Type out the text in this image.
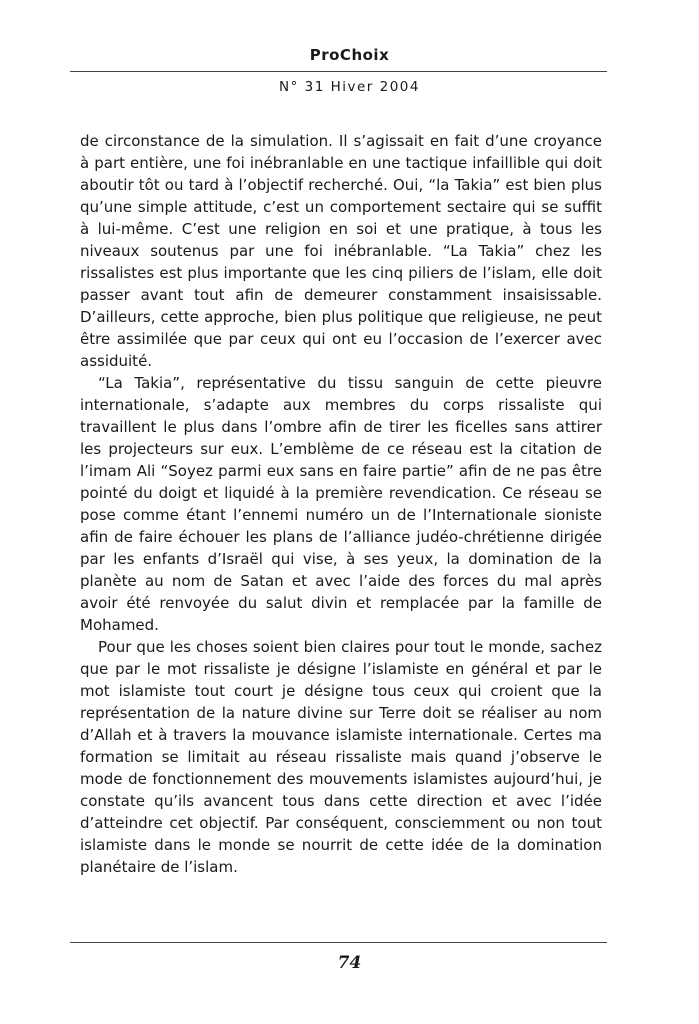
ProChoix
N° 31 Hiver 2004

de circonstance de la simulation. Il s’agissait en fait d’une croyance à part entière, une foi inébranlable en une tactique infaillible qui doit aboutir tôt ou tard à l’objectif recherché. Oui, “la Takia” est bien plus qu’une simple attitude, c’est un comportement sectaire qui se suffit à lui-même. C’est une religion en soi et une pratique, à tous les niveaux soutenus par une foi inébranlable. “La Takia” chez les rissalistes est plus importante que les cinq piliers de l’islam, elle doit passer avant tout afin de demeurer constamment insaisissable. D’ailleurs, cette approche, bien plus politique que religieuse, ne peut être assimilée que par ceux qui ont eu l’occasion de l’exercer avec assiduité.

“La Takia”, représentative du tissu sanguin de cette pieuvre internationale, s’adapte aux membres du corps rissaliste qui travaillent le plus dans l’ombre afin de tirer les ficelles sans attirer les projecteurs sur eux. L’emblème de ce réseau est la citation de l’imam Ali “Soyez parmi eux sans en faire partie” afin de ne pas être pointé du doigt et liquidé à la première revendication. Ce réseau se pose comme étant l’ennemi numéro un de l’Internationale sioniste afin de faire échouer les plans de l’alliance judéo-chrétienne dirigée par les enfants d’Israël qui vise, à ses yeux, la domination de la planète au nom de Satan et avec l’aide des forces du mal après avoir été renvoyée du salut divin et remplacée par la famille de Mohamed.

Pour que les choses soient bien claires pour tout le monde, sachez que par le mot rissaliste je désigne l’islamiste en général et par le mot islamiste tout court je désigne tous ceux qui croient que la représentation de la nature divine sur Terre doit se réaliser au nom d’Allah et à travers la mouvance islamiste internationale. Certes ma formation se limitait au réseau rissaliste mais quand j’observe le mode de fonctionnement des mouvements islamistes aujourd’hui, je constate qu’ils avancent tous dans cette direction et avec l’idée d’atteindre cet objectif. Par conséquent, consciemment ou non tout islamiste dans le monde se nourrit de cette idée de la domination planétaire de l’islam.

74
